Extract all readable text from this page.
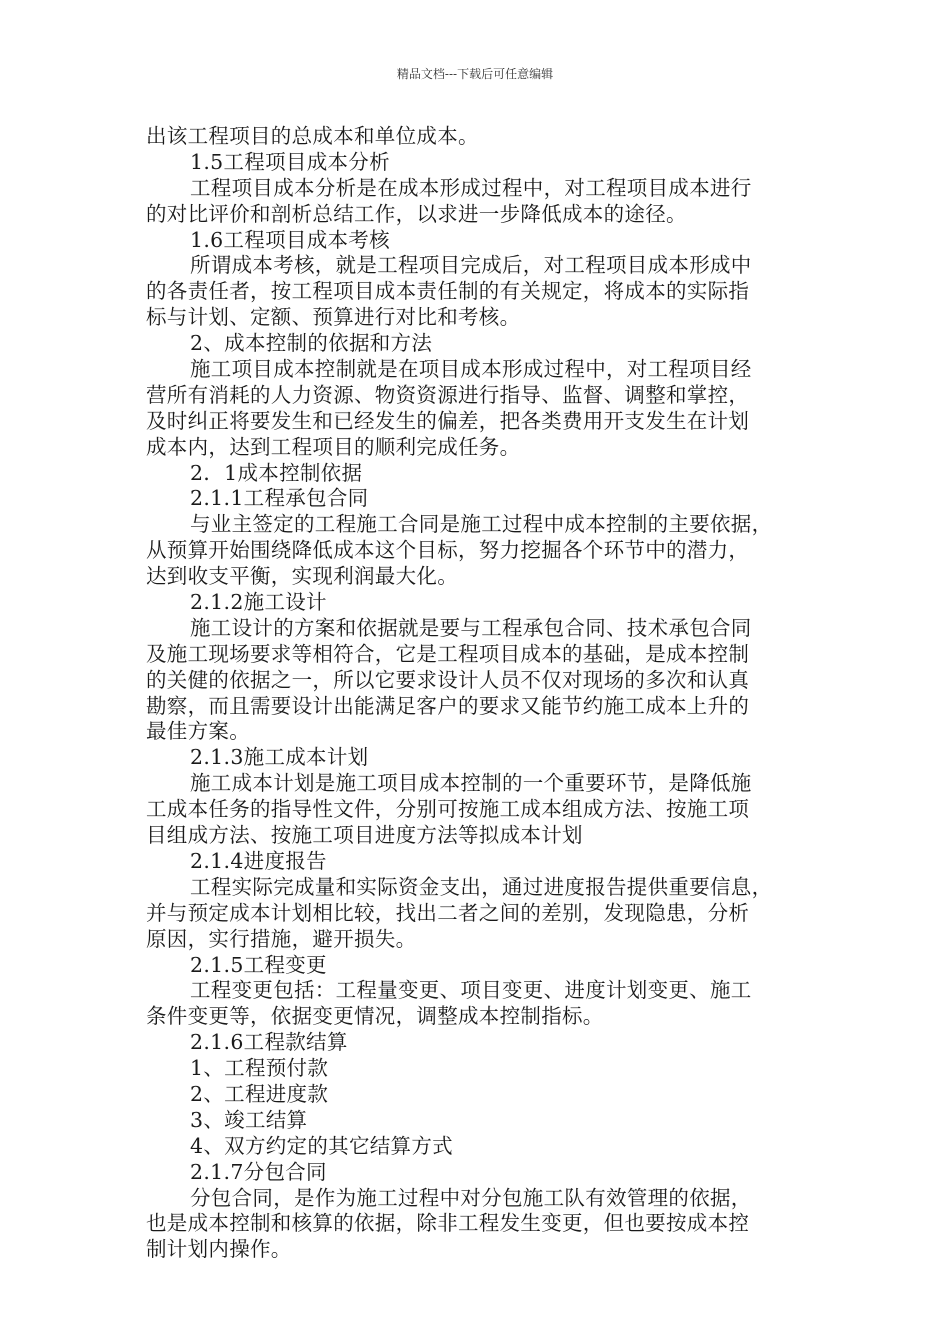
精品文档---下载后可任意编辑
出该工程项目的总成本和单位成本。
1.5工程项目成本分析
工程项目成本分析是在成本形成过程中，对工程项目成本进行
的对比评价和剖析总结工作，以求进一步降低成本的途径。
1.6工程项目成本考核
所谓成本考核，就是工程项目完成后，对工程项目成本形成中
的各责任者，按工程项目成本责任制的有关规定，将成本的实际指
标与计划、定额、预算进行对比和考核。
2、成本控制的依据和方法
施工项目成本控制就是在项目成本形成过程中，对工程项目经
营所有消耗的人力资源、物资资源进行指导、监督、调整和掌控，
及时纠正将要发生和已经发生的偏差，把各类费用开支发生在计划
成本内，达到工程项目的顺利完成任务。
2．1成本控制依据
2.1.1工程承包合同
与业主签定的工程施工合同是施工过程中成本控制的主要依据，
从预算开始围绕降低成本这个目标，努力挖掘各个环节中的潜力，
达到收支平衡，实现利润最大化。
2.1.2施工设计
施工设计的方案和依据就是要与工程承包合同、技术承包合同
及施工现场要求等相符合，它是工程项目成本的基础，是成本控制
的关健的依据之一，所以它要求设计人员不仅对现场的多次和认真
勘察，而且需要设计出能满足客户的要求又能节约施工成本上升的
最佳方案。
2.1.3施工成本计划
施工成本计划是施工项目成本控制的一个重要环节，是降低施
工成本任务的指导性文件，分别可按施工成本组成方法、按施工项
目组成方法、按施工项目进度方法等拟成本计划
2.1.4进度报告
工程实际完成量和实际资金支出，通过进度报告提供重要信息，
并与预定成本计划相比较，找出二者之间的差别，发现隐患，分析
原因，实行措施，避开损失。
2.1.5工程变更
工程变更包括：工程量变更、项目变更、进度计划变更、施工
条件变更等，依据变更情况，调整成本控制指标。
2.1.6工程款结算
1、工程预付款
2、工程进度款
3、竣工结算
4、双方约定的其它结算方式
2.1.7分包合同
分包合同，是作为施工过程中对分包施工队有效管理的依据，
也是成本控制和核算的依据，除非工程发生变更，但也要按成本控
制计划内操作。
